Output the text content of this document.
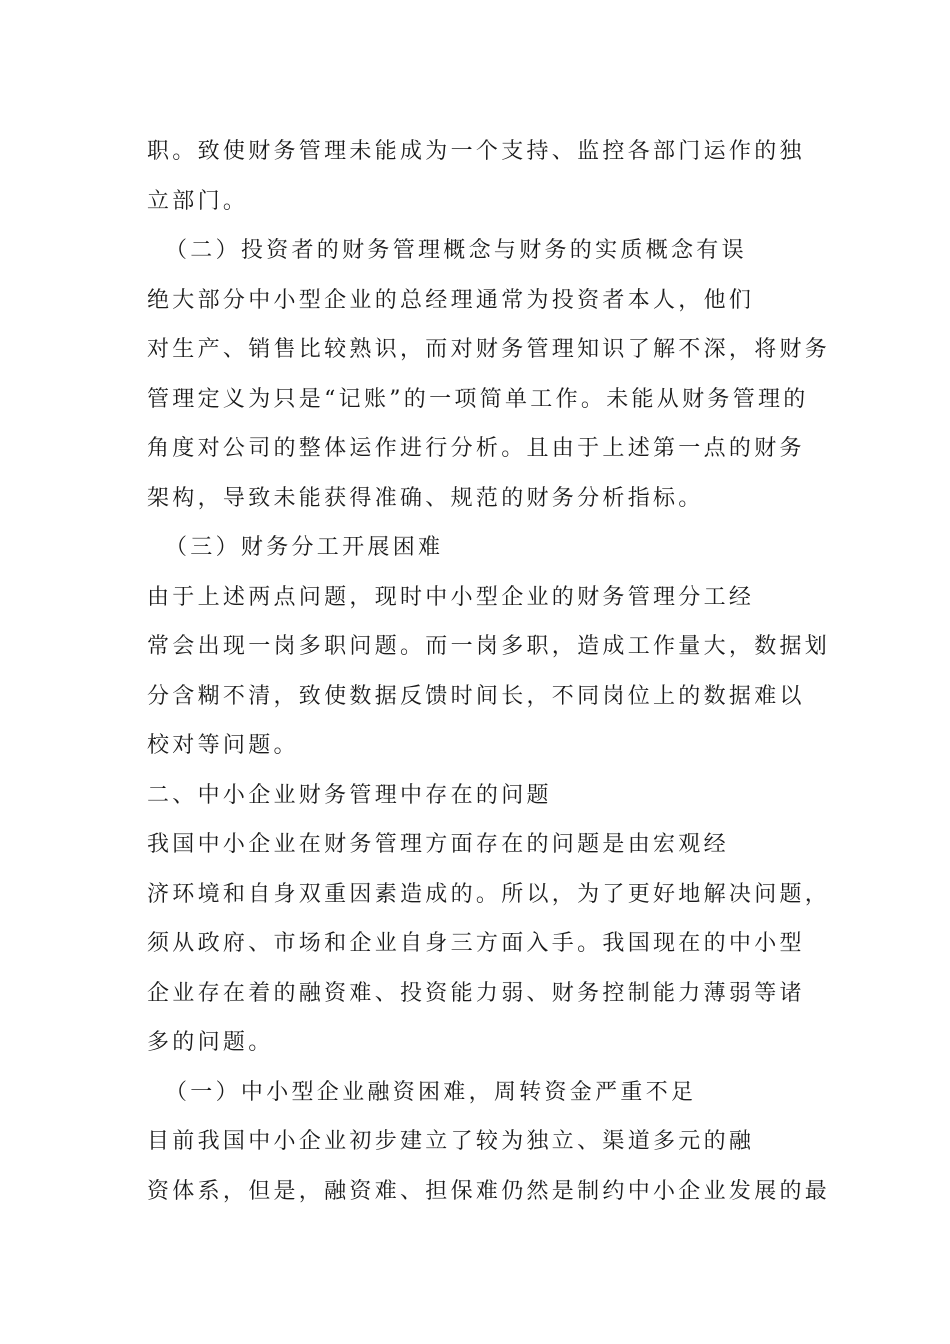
职。致使财务管理未能成为一个支持、监控各部门运作的独
立部门。
（二）投资者的财务管理概念与财务的实质概念有误
绝大部分中小型企业的总经理通常为投资者本人，他们
对生产、销售比较熟识，而对财务管理知识了解不深，将财务
管理定义为只是“记账”的一项简单工作。未能从财务管理的
角度对公司的整体运作进行分析。且由于上述第一点的财务
架构，导致未能获得准确、规范的财务分析指标。
（三）财务分工开展困难
由于上述两点问题，现时中小型企业的财务管理分工经
常会出现一岗多职问题。而一岗多职，造成工作量大，数据划
分含糊不清，致使数据反馈时间长，不同岗位上的数据难以
校对等问题。
二、中小企业财务管理中存在的问题
我国中小企业在财务管理方面存在的问题是由宏观经
济环境和自身双重因素造成的。所以，为了更好地解决问题，
须从政府、市场和企业自身三方面入手。我国现在的中小型
企业存在着的融资难、投资能力弱、财务控制能力薄弱等诸
多的问题。
（一）中小型企业融资困难，周转资金严重不足
目前我国中小企业初步建立了较为独立、渠道多元的融
资体系，但是，融资难、担保难仍然是制约中小企业发展的最
